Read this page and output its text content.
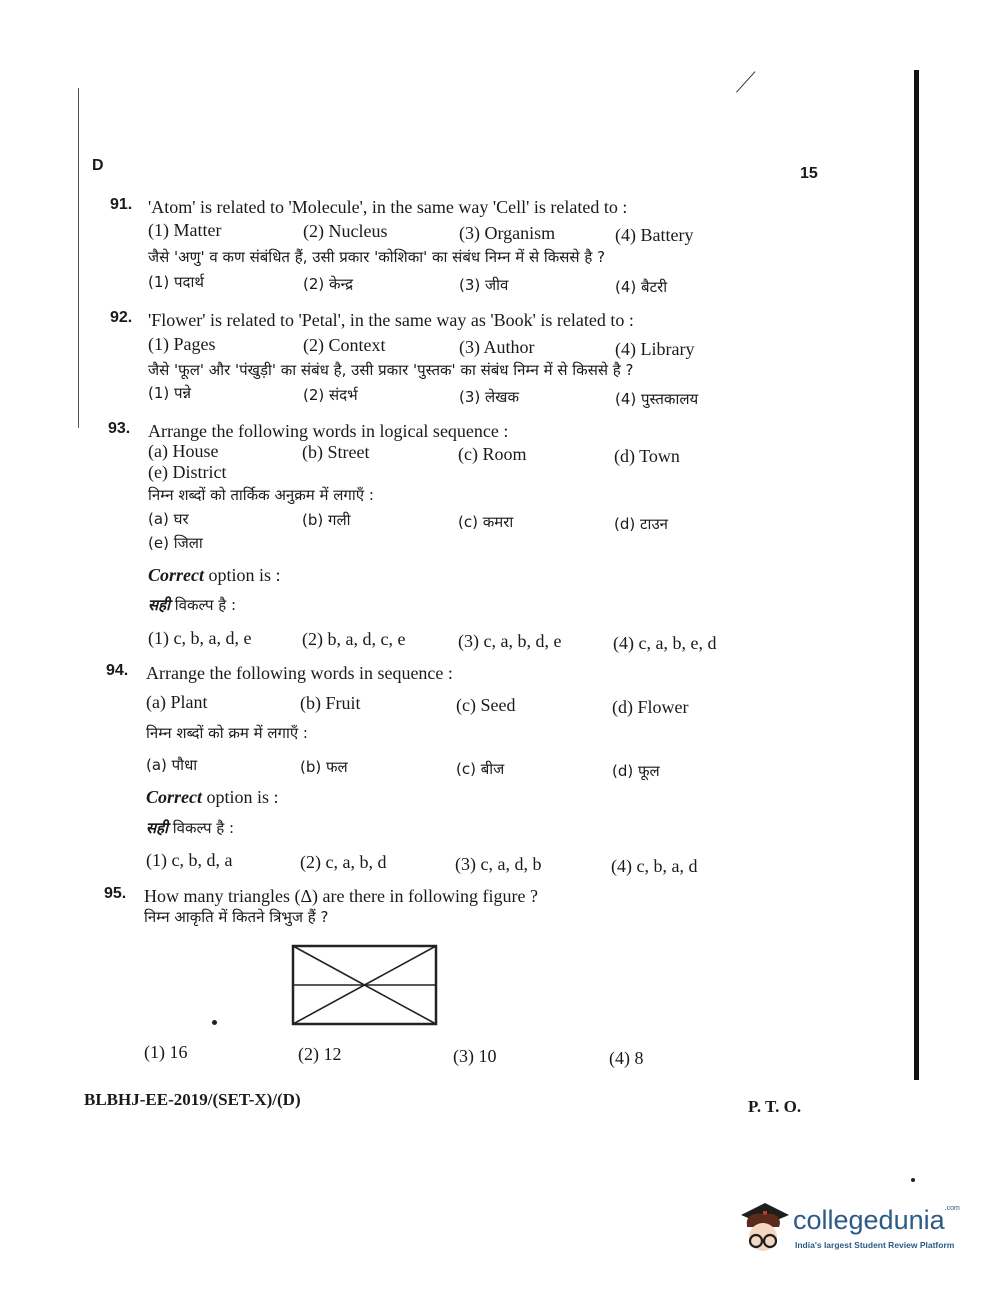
D	15
91. 'Atom' is related to 'Molecule', in the same way 'Cell' is related to :
(1) Matter	(2) Nucleus	(3) Organism	(4) Battery
जैसे 'अणु' व कण संबंधित हैं, उसी प्रकार 'कोशिका' का संबंध निम्न में से किससे है ?
(1) पदार्थ	(2) केन्द्र	(3) जीव	(4) बैटरी
92. 'Flower' is related to 'Petal', in the same way as 'Book' is related to :
(1) Pages	(2) Context	(3) Author	(4) Library
जैसे 'फूल' और 'पंखुड़ी' का संबंध है, उसी प्रकार 'पुस्तक' का संबंध निम्न में से किससे है ?
(1) पन्ने	(2) संदर्भ	(3) लेखक	(4) पुस्तकालय
93. Arrange the following words in logical sequence :
(a) House	(b) Street	(c) Room	(d) Town
(e) District
निम्न शब्दों को तार्किक अनुक्रम में लगाएँ :
(a) घर	(b) गली	(c) कमरा	(d) टाउन
(e) जिला
Correct option is :
सही विकल्प है :
(1) c, b, a, d, e	(2) b, a, d, c, e	(3) c, a, b, d, e	(4) c, a, b, e, d
94. Arrange the following words in sequence :
(a) Plant	(b) Fruit	(c) Seed	(d) Flower
निम्न शब्दों को क्रम में लगाएँ :
(a) पौधा	(b) फल	(c) बीज	(d) फूल
Correct option is :
सही विकल्प है :
(1) c, b, d, a	(2) c, a, b, d	(3) c, a, d, b	(4) c, b, a, d
95. How many triangles (Δ) are there in following figure ?
निम्न आकृति में कितने त्रिभुज हैं ?
(1) 16	(2) 12	(3) 10	(4) 8
BLBHJ-EE-2019/(SET-X)/(D)	P. T. O.
collegedunia$^{.com}$
India's largest Student Review Platform
